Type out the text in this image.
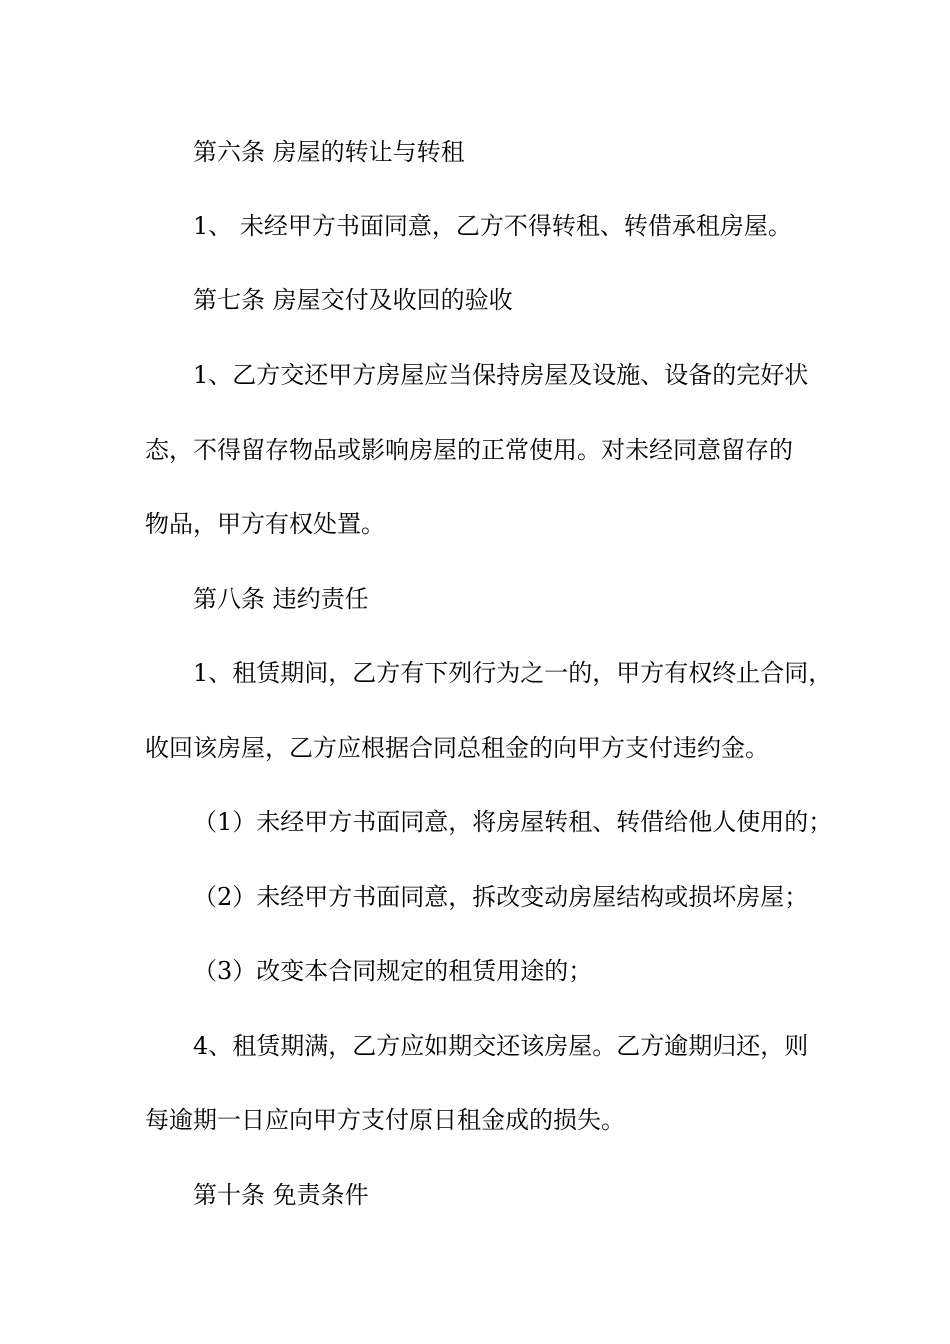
第六条 房屋的转让与转租
1、 未经甲方书面同意，乙方不得转租、转借承租房屋。
第七条 房屋交付及收回的验收
1、乙方交还甲方房屋应当保持房屋及设施、设备的完好状
态，不得留存物品或影响房屋的正常使用。对未经同意留存的
物品，甲方有权处置。
第八条 违约责任
1、租赁期间，乙方有下列行为之一的，甲方有权终止合同，
收回该房屋，乙方应根据合同总租金的向甲方支付违约金。
（1）未经甲方书面同意，将房屋转租、转借给他人使用的；
（2）未经甲方书面同意，拆改变动房屋结构或损坏房屋；
（3）改变本合同规定的租赁用途的；
4、租赁期满，乙方应如期交还该房屋。乙方逾期归还，则
每逾期一日应向甲方支付原日租金成的损失。
第十条 免责条件
